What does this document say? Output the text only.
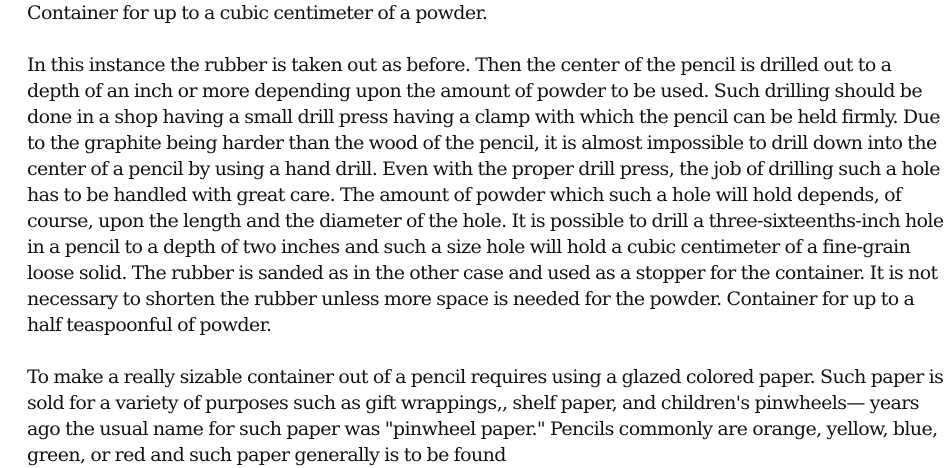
Container for up to a cubic centimeter of a powder.

In this instance the rubber is taken out as before. Then the center of the pencil is drilled out to a depth of an inch or more depending upon the amount of powder to be used. Such drilling should be done in a shop having a small drill press having a clamp with which the pencil can be held firmly. Due to the graphite being harder than the wood of the pencil, it is almost impossible to drill down into the center of a pencil by using a hand drill. Even with the proper drill press, the job of drilling such a hole has to be handled with great care. The amount of powder which such a hole will hold depends, of course, upon the length and the diameter of the hole. It is possible to drill a three-sixteenths-inch hole in a pencil to a depth of two inches and such a size hole will hold a cubic centimeter of a fine-grain loose solid. The rubber is sanded as in the other case and used as a stopper for the container. It is not necessary to shorten the rubber unless more space is needed for the powder. Container for up to a half teaspoonful of powder.

To make a really sizable container out of a pencil requires using a glazed colored paper. Such paper is sold for a variety of purposes such as gift wrappings,, shelf paper, and children's pinwheels— years ago the usual name for such paper was "pinwheel paper." Pencils commonly are orange, yellow, blue, green, or red and such paper generally is to be found
